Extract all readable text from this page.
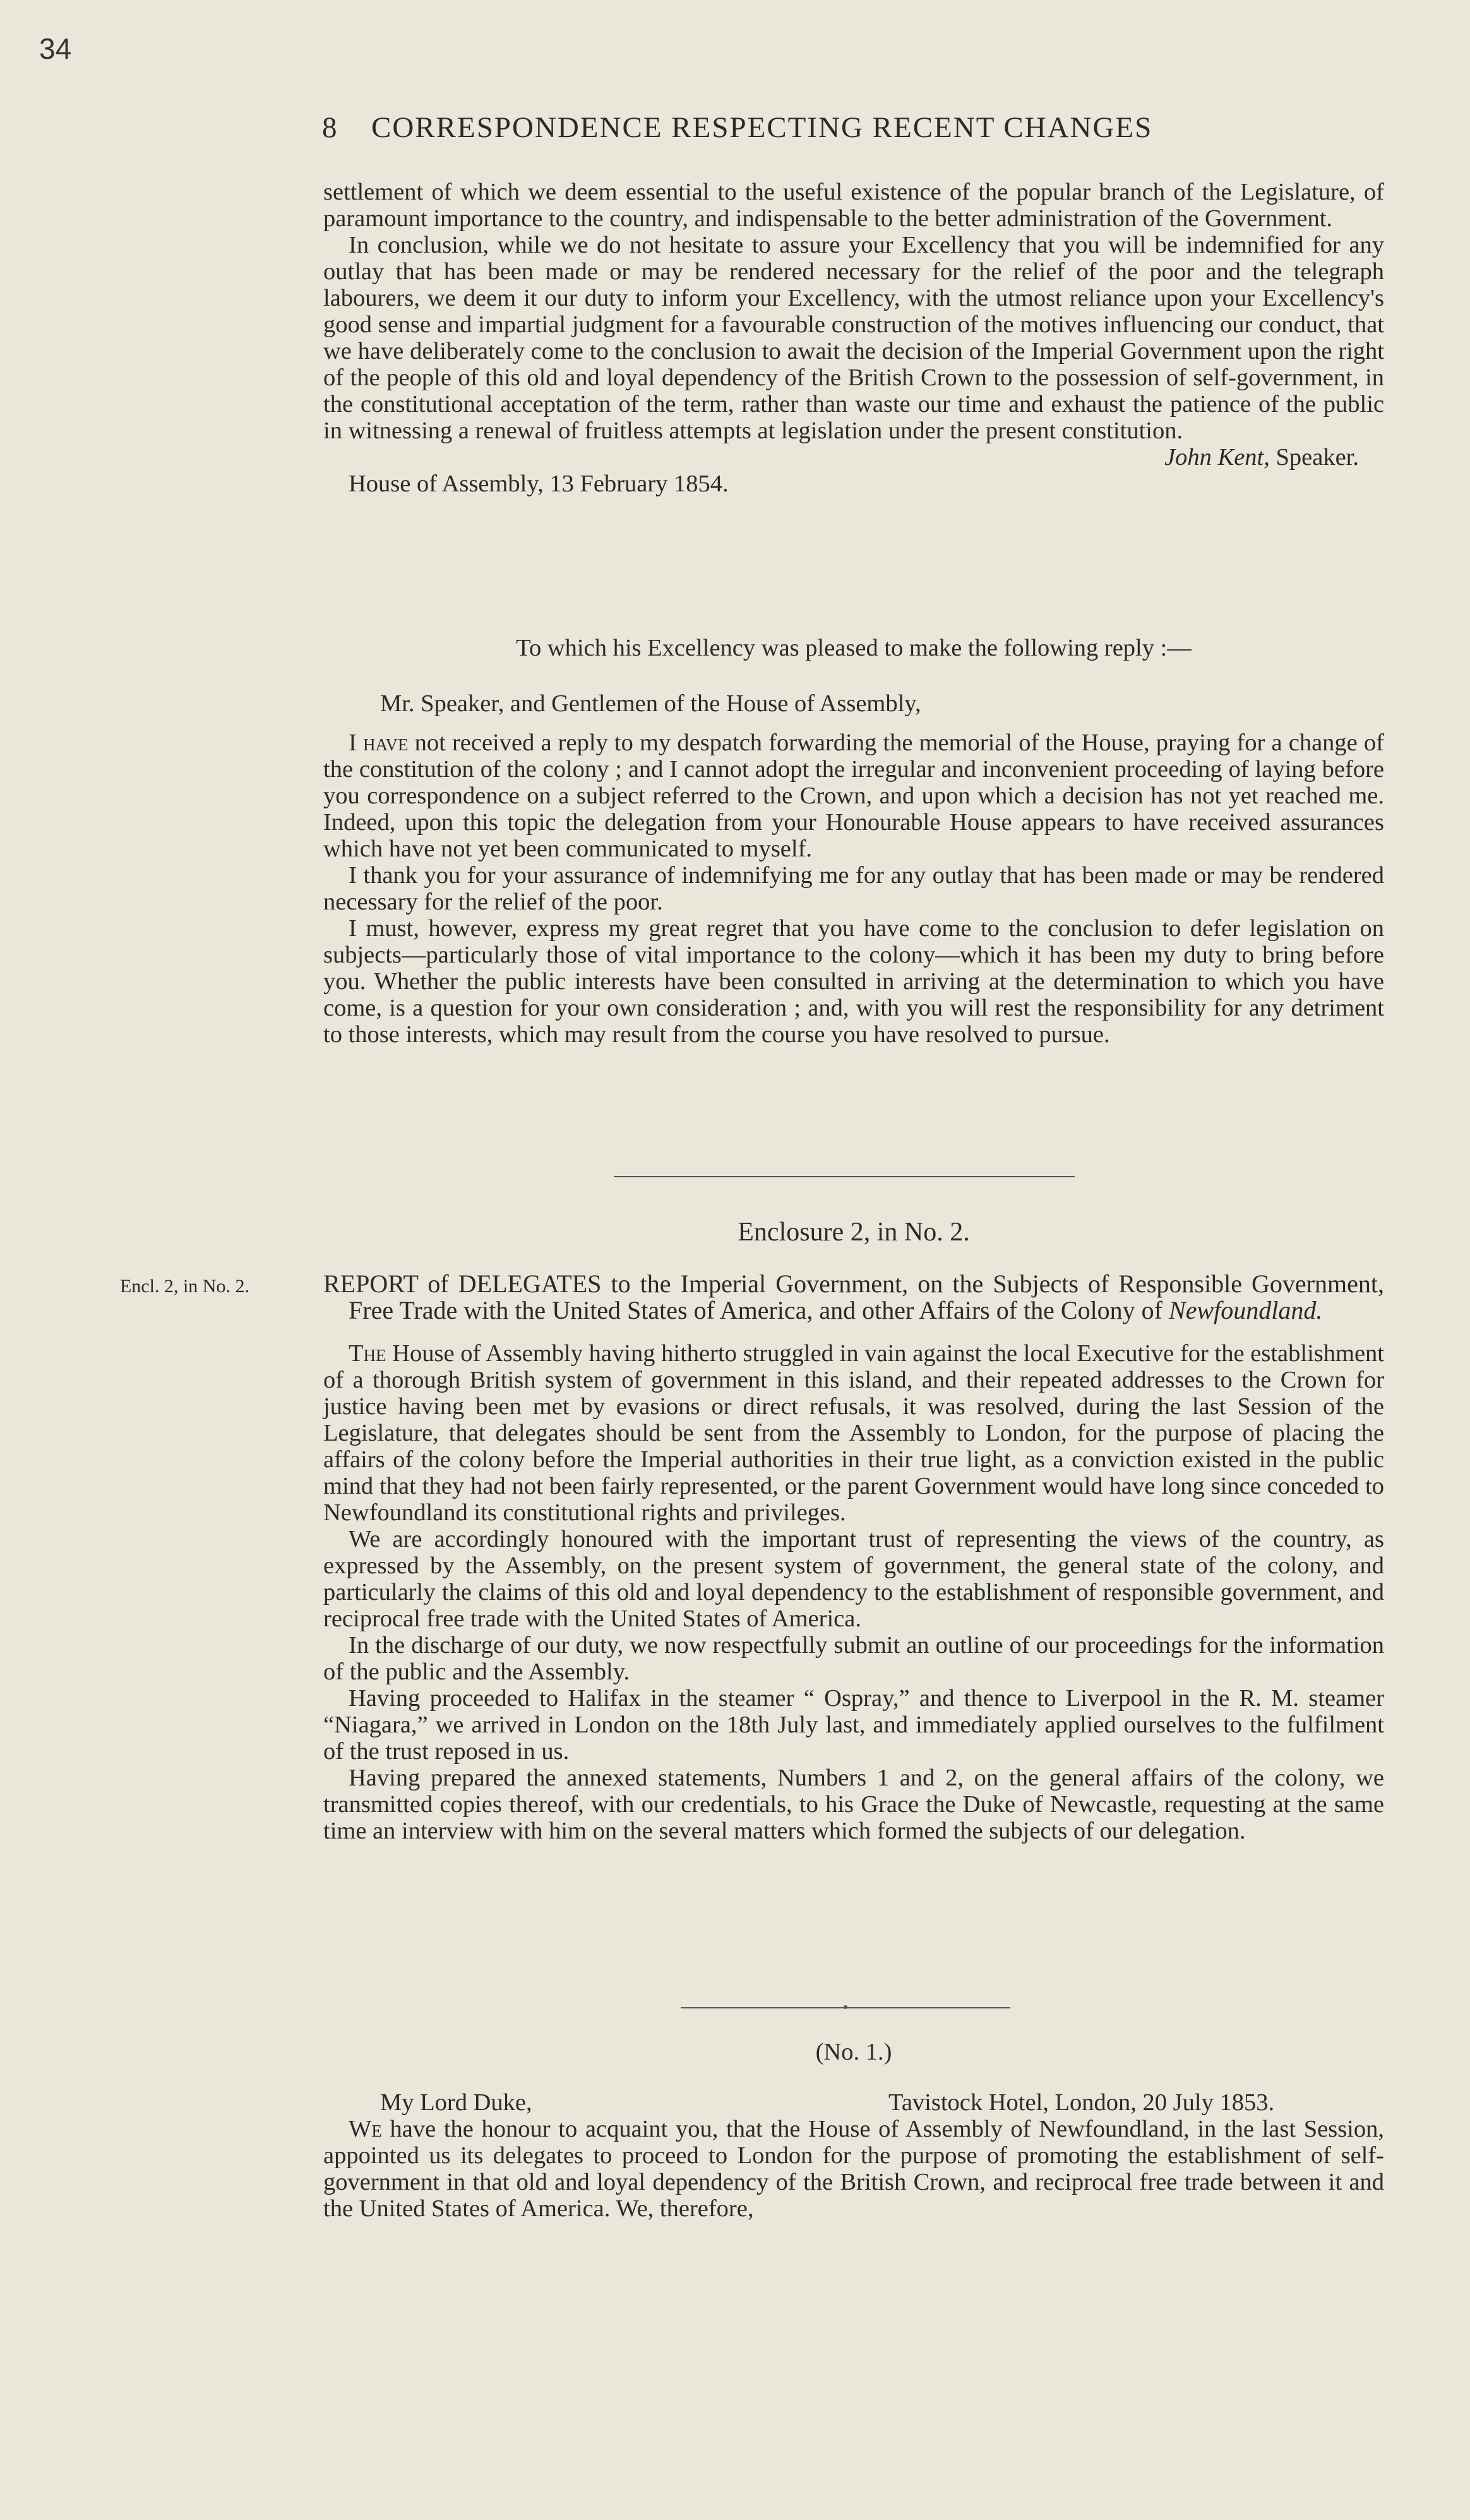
34
8 CORRESPONDENCE RESPECTING RECENT CHANGES

settlement of which we deem essential to the useful existence of the popular branch of the Legislature, of paramount importance to the country, and indispensable to the better administration of the Government.

In conclusion, while we do not hesitate to assure your Excellency that you will be indemnified for any outlay that has been made or may be rendered necessary for the relief of the poor and the telegraph labourers, we deem it our duty to inform your Excellency, with the utmost reliance upon your Excellency's good sense and impartial judgment for a favourable construction of the motives influencing our conduct, that we have deliberately come to the conclusion to await the decision of the Imperial Government upon the right of the people of this old and loyal dependency of the British Crown to the possession of self-government, in the constitutional acceptation of the term, rather than waste our time and exhaust the patience of the public in witnessing a renewal of fruitless attempts at legislation under the present constitution.

John Kent, Speaker.

House of Assembly, 13 February 1854.

To which his Excellency was pleased to make the following reply :—

Mr. Speaker, and Gentlemen of the House of Assembly,

I have not received a reply to my despatch forwarding the memorial of the House, praying for a change of the constitution of the colony ; and I cannot adopt the irregular and inconvenient proceeding of laying before you correspondence on a subject referred to the Crown, and upon which a decision has not yet reached me. Indeed, upon this topic the delegation from your Honourable House appears to have received assurances which have not yet been communicated to myself.

I thank you for your assurance of indemnifying me for any outlay that has been made or may be rendered necessary for the relief of the poor.

I must, however, express my great regret that you have come to the conclusion to defer legislation on subjects—particularly those of vital importance to the colony—which it has been my duty to bring before you. Whether the public interests have been consulted in arriving at the determination to which you have come, is a question for your own consideration ; and, with you will rest the responsibility for any detriment to those interests, which may result from the course you have resolved to pursue.

Enclosure 2, in No. 2.

Encl. 2, in No. 2.	REPORT of DELEGATES to the Imperial Government, on the Subjects of Responsible Government, Free Trade with the United States of America, and other Affairs of the Colony of Newfoundland.

The House of Assembly having hitherto struggled in vain against the local Executive for the establishment of a thorough British system of government in this island, and their repeated addresses to the Crown for justice having been met by evasions or direct refusals, it was resolved, during the last Session of the Legislature, that delegates should be sent from the Assembly to London, for the purpose of placing the affairs of the colony before the Imperial authorities in their true light, as a conviction existed in the public mind that they had not been fairly represented, or the parent Government would have long since conceded to Newfoundland its constitutional rights and privileges.

We are accordingly honoured with the important trust of representing the views of the country, as expressed by the Assembly, on the present system of government, the general state of the colony, and particularly the claims of this old and loyal dependency to the establishment of responsible government, and reciprocal free trade with the United States of America.

In the discharge of our duty, we now respectfully submit an outline of our proceedings for the information of the public and the Assembly.

Having proceeded to Halifax in the steamer “ Ospray,” and thence to Liverpool in the R. M. steamer “Niagara,” we arrived in London on the 18th July last, and immediately applied ourselves to the fulfilment of the trust reposed in us.

Having prepared the annexed statements, Numbers 1 and 2, on the general affairs of the colony, we transmitted copies thereof, with our credentials, to his Grace the Duke of Newcastle, requesting at the same time an interview with him on the several matters which formed the subjects of our delegation.

(No. 1.)

My Lord Duke,	Tavistock Hotel, London, 20 July 1853.

We have the honour to acquaint you, that the House of Assembly of Newfoundland, in the last Session, appointed us its delegates to proceed to London for the purpose of promoting the establishment of self-government in that old and loyal dependency of the British Crown, and reciprocal free trade between it and the United States of America. We, therefore,
